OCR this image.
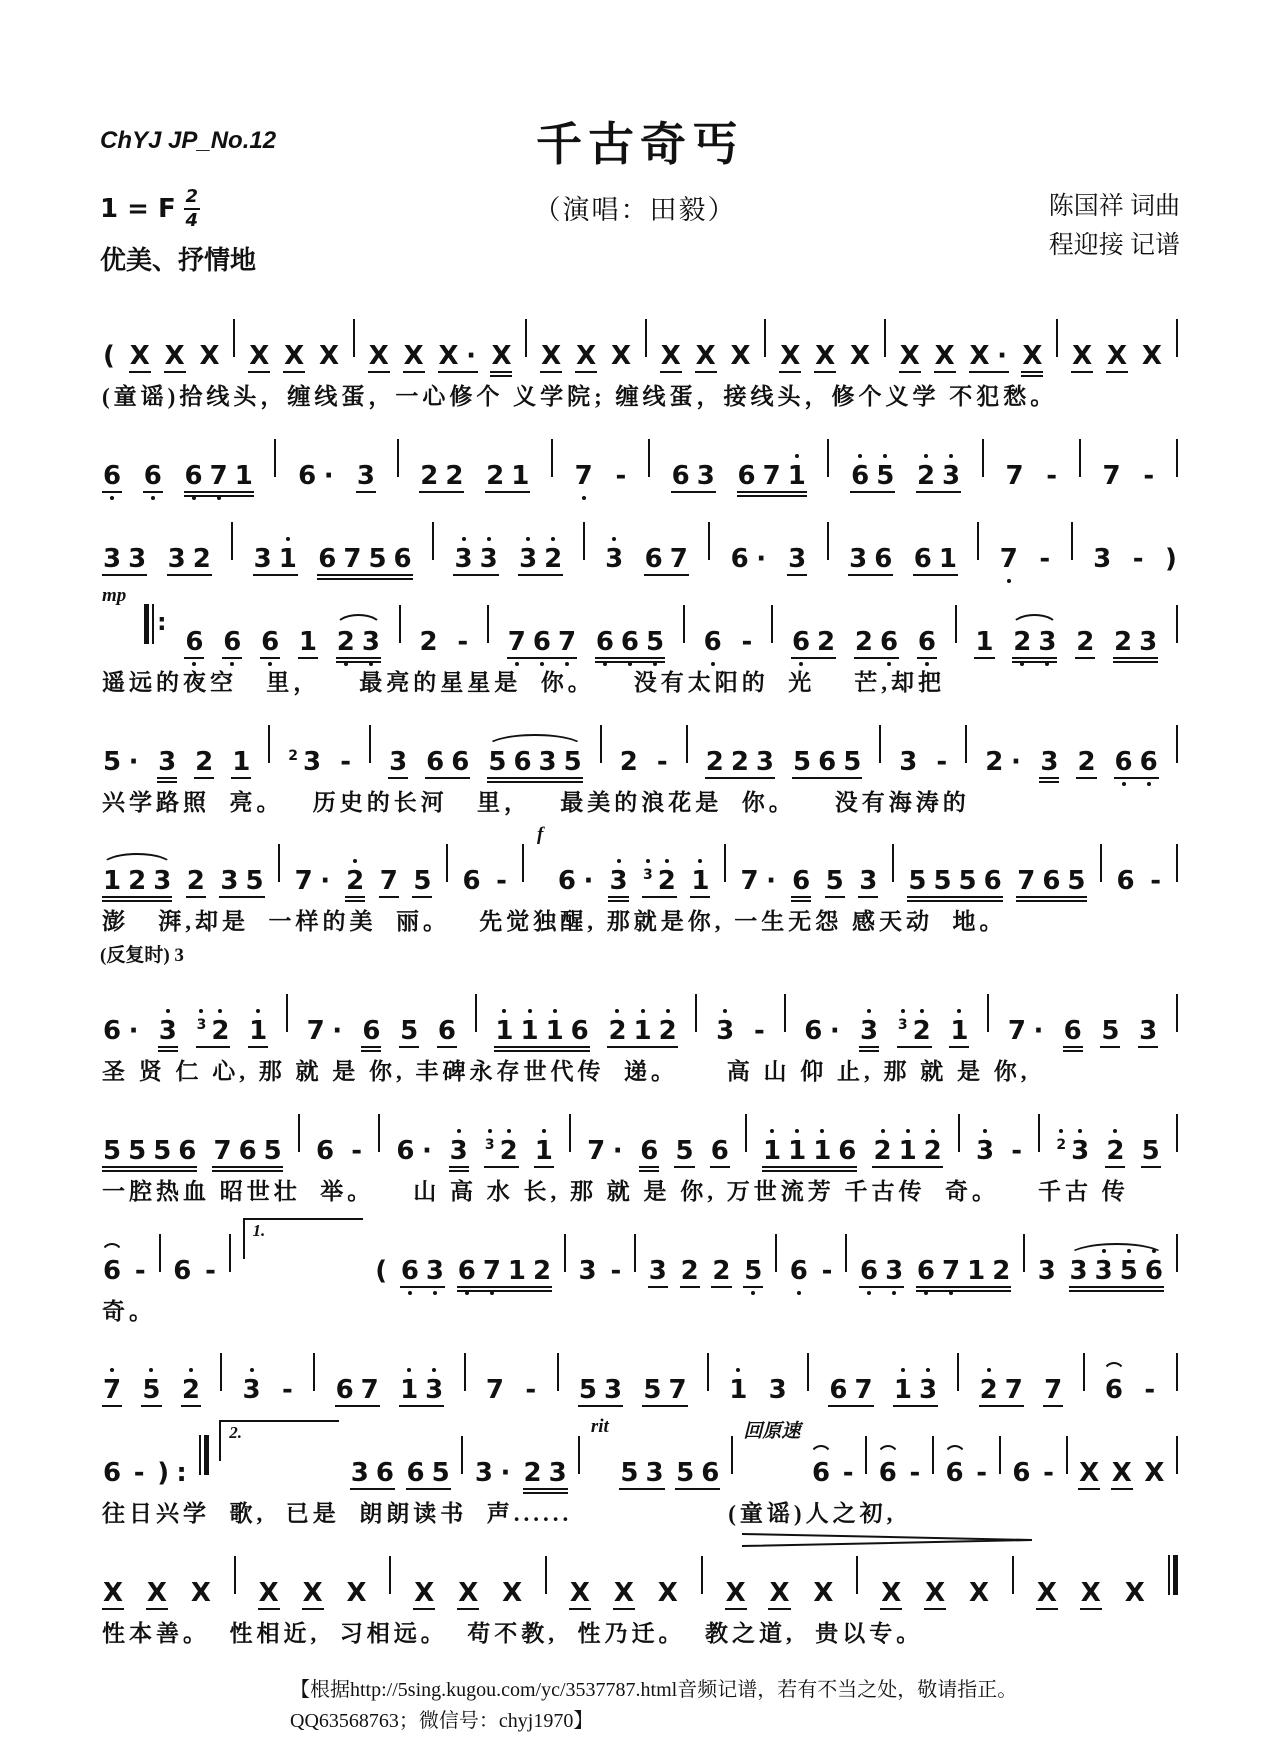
ChYJ JP_No.12	千古奇丐
1 = F $\frac{2}{4}$
优美、抒情地
（演唱：田毅）	陈国祥 词曲
程迎接 记谱
( X X X X X X X X X · X X X X X X X X X X X X X · X X X X
(童谣)拾线头，缠线蛋，一心修个 义学院; 缠线蛋，接线头，修个义学 不犯愁。
6 6 6 7 1 6 · 3 2 2 2 1 7 - 6 3 6 7 1 6 5 2 3 7 - 7 -
3 3 3 2 3 1 6 7 5 6 3 3 3 2 3 6 7 6 · 3 3 6 6 1 7 - 3 - )
mp
:
6 6 6 1 2 3 2 - 7 6 7 6 6 5 6 - 6 2 2 6 6 1 2 3 2 2 3
遥远的夜空   里，    最亮的星星是  你。    没有太阳的  光    芒,却把
5 · 3 2 1	2 3 - 3 6 6 5 6 3 5 2 - 2 2 3 5 6 5 3 - 2 · 3 2 6 6
兴学路照  亮。   历史的长河   里，   最美的浪花是  你。    没有海涛的
1 2 3 2 3 5 7 · 2 7 5 6 -
f
6 · 3 3 2 1 7 · 6 5 3 5 5 5 6 7 6 5 6 -
澎   湃,却是  一样的美  丽。   先觉独醒, 那就是你, 一生无怨 感天动  地。
(反复时) 3
6 · 3 3 2 1 7 · 6 5 6 1 1 1 6 2 1 2 3 - 6 · 3 3 2 1 7 · 6 5 3
圣 贤 仁 心, 那 就 是 你, 丰碑永存世代传  递。     高 山 仰 止, 那 就 是 你,
5 5 5 6 7 6 5 6 - 6 · 3 3 2 1 7 · 6 5 6 1 1 1 6 2 1 2 3 - 2 3 2 5
一腔热血 昭世壮  举。    山 高 水 长, 那 就 是 你, 万世流芳 千古传  奇。    千古 传
6 - 6 -
1.
( 6 3 6 7 1 2 3 - 3 2 2 5 6 - 6 3 6 7 1 2 3 3 3 5 6
奇。
7 5 2 3 - 6 7 1 3 7 - 5 3 5 7 1 3 6 7 1 3 2 7 7 6 -
6 - ) :
2.
3 6 6 5 3 · 2 3
rit
5 3 5 6
回原速
6 - 6 - 6 - 6 - X X X
往日兴学  歌,  已是  朗朗读书  声......                (童谣)人之初,
X X X X X X X X X X X X X X X X X X X X X
性本善。  性相近,  习相远。  苟不教,  性乃迁。  教之道,  贵以专。
【根据http://5sing.kugou.com/yc/3537787.html音频记谱，若有不当之处，敬请指正。
QQ63568763；微信号：chyj1970】
